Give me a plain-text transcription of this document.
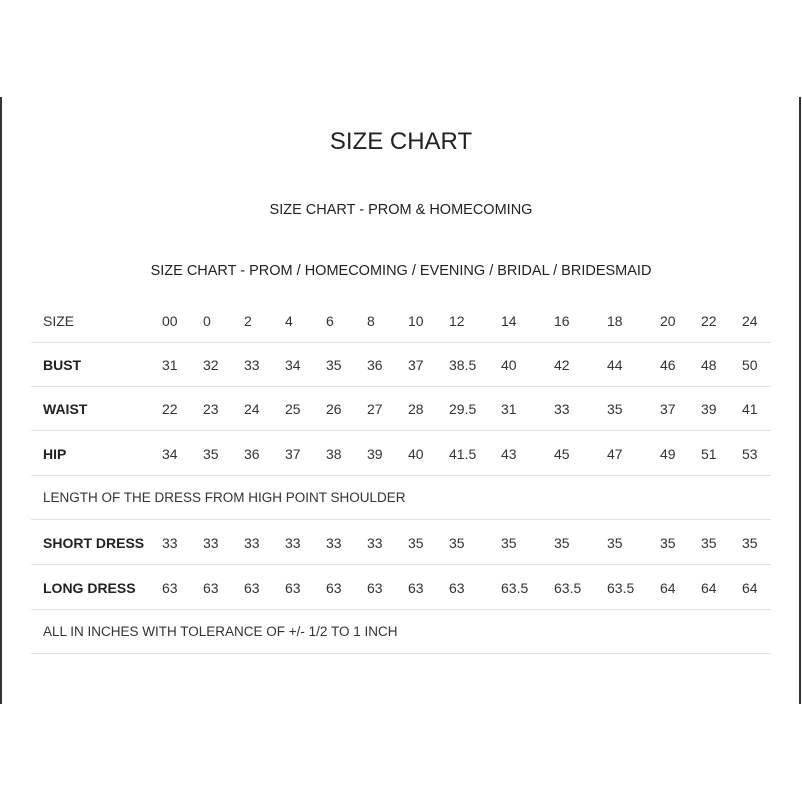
SIZE CHART
SIZE CHART - PROM & HOMECOMING
SIZE CHART - PROM / HOMECOMING / EVENING / BRIDAL / BRIDESMAID
SIZE	00 0 2 4 6 8 10 12	14	16	18	20 22 24
BUST	31 32 33 34 35 36 37 38.5 40	42	44	46 48 50
WAIST	22 23 24 25 26 27 28 29.5 31	33	35	37 39 41
HIP	34 35 36 37 38 39 40 41.5 43	45	47	49 51 53
LENGTH OF THE DRESS FROM HIGH POINT SHOULDER
SHORT DRESS 33 33 33 33 33 33 35 35	35	35	35	35 35 35
LONG DRESS 63 63 63 63 63 63 63 63	63.5 63.5 63.5 64 64 64
ALL IN INCHES WITH TOLERANCE OF +/- 1/2 TO 1 INCH
